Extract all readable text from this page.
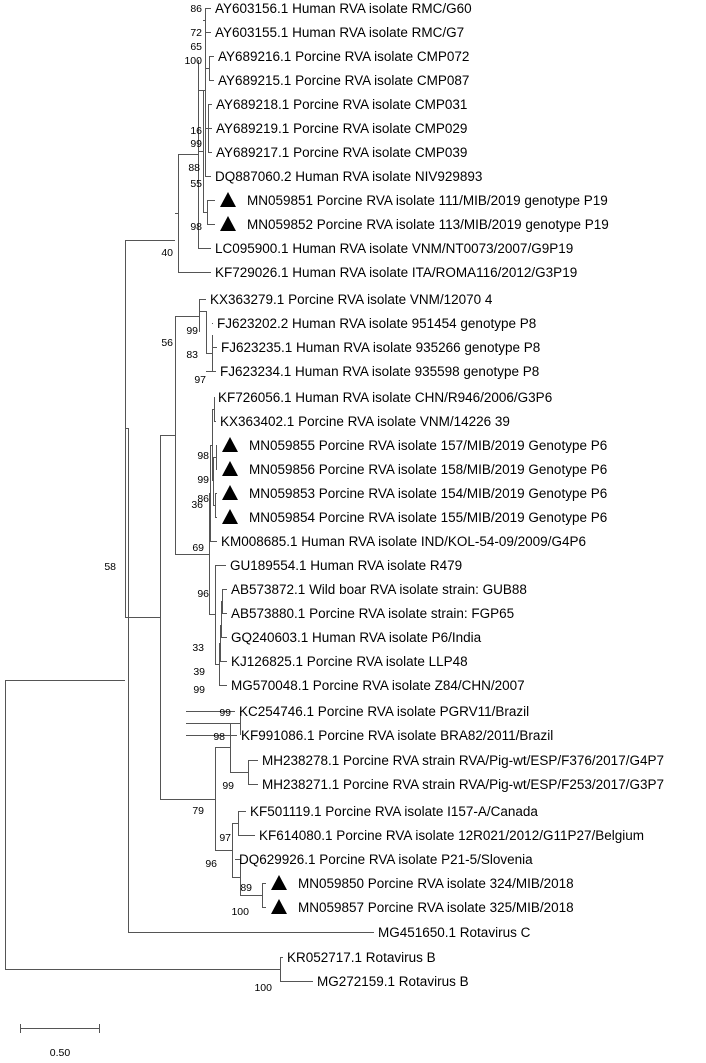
AY603156.1 Human RVA isolate RMC/G60
AY603155.1 Human RVA isolate RMC/G7
AY689216.1 Porcine RVA isolate CMP072
AY689215.1 Porcine RVA isolate CMP087
AY689218.1 Porcine RVA isolate CMP031
AY689219.1 Porcine RVA isolate CMP029
AY689217.1 Porcine RVA isolate CMP039
DQ887060.2 Human RVA isolate NIV929893
MN059851 Porcine RVA isolate 111/MIB/2019 genotype P19
MN059852 Porcine RVA isolate 113/MIB/2019 genotype P19
LC095900.1 Human RVA isolate VNM/NT0073/2007/G9P19
KF729026.1 Human RVA isolate ITA/ROMA116/2012/G3P19
KX363279.1 Porcine RVA isolate VNM/12070 4
FJ623202.2 Human RVA isolate 951454 genotype P8
FJ623235.1 Human RVA isolate 935266 genotype P8
FJ623234.1 Human RVA isolate 935598 genotype P8
KF726056.1 Human RVA isolate CHN/R946/2006/G3P6
KX363402.1 Porcine RVA isolate VNM/14226 39
MN059855 Porcine RVA isolate 157/MIB/2019 Genotype P6
MN059856 Porcine RVA isolate 158/MIB/2019 Genotype P6
MN059853 Porcine RVA isolate 154/MIB/2019 Genotype P6
MN059854 Porcine RVA isolate 155/MIB/2019 Genotype P6
KM008685.1 Human RVA isolate IND/KOL-54-09/2009/G4P6
GU189554.1 Human RVA isolate R479
AB573872.1 Wild boar RVA isolate strain: GUB88
AB573880.1 Porcine RVA isolate strain: FGP65
GQ240603.1 Human RVA isolate P6/India
KJ126825.1 Porcine RVA isolate LLP48
MG570048.1 Porcine RVA isolate Z84/CHN/2007
KC254746.1 Porcine RVA isolate PGRV11/Brazil
KF991086.1 Porcine RVA isolate BRA82/2011/Brazil
MH238278.1 Porcine RVA strain RVA/Pig-wt/ESP/F376/2017/G4P7
MH238271.1 Porcine RVA strain RVA/Pig-wt/ESP/F253/2017/G3P7
KF501119.1 Porcine RVA isolate I157-A/Canada
KF614080.1 Porcine RVA isolate 12R021/2012/G11P27/Belgium
DQ629926.1 Porcine RVA isolate P21-5/Slovenia
MN059850 Porcine RVA isolate 324/MIB/2018
MN059857 Porcine RVA isolate 325/MIB/2018
MG451650.1 Rotavirus C
KR052717.1 Rotavirus B
MG272159.1 Rotavirus B
86
72
65
100
16
99
88
55
98
40
99
83
97
56
98
99
36
86
69
96
33
39
99
58
99
98
99
79
97
96
89
100
100
0.50
